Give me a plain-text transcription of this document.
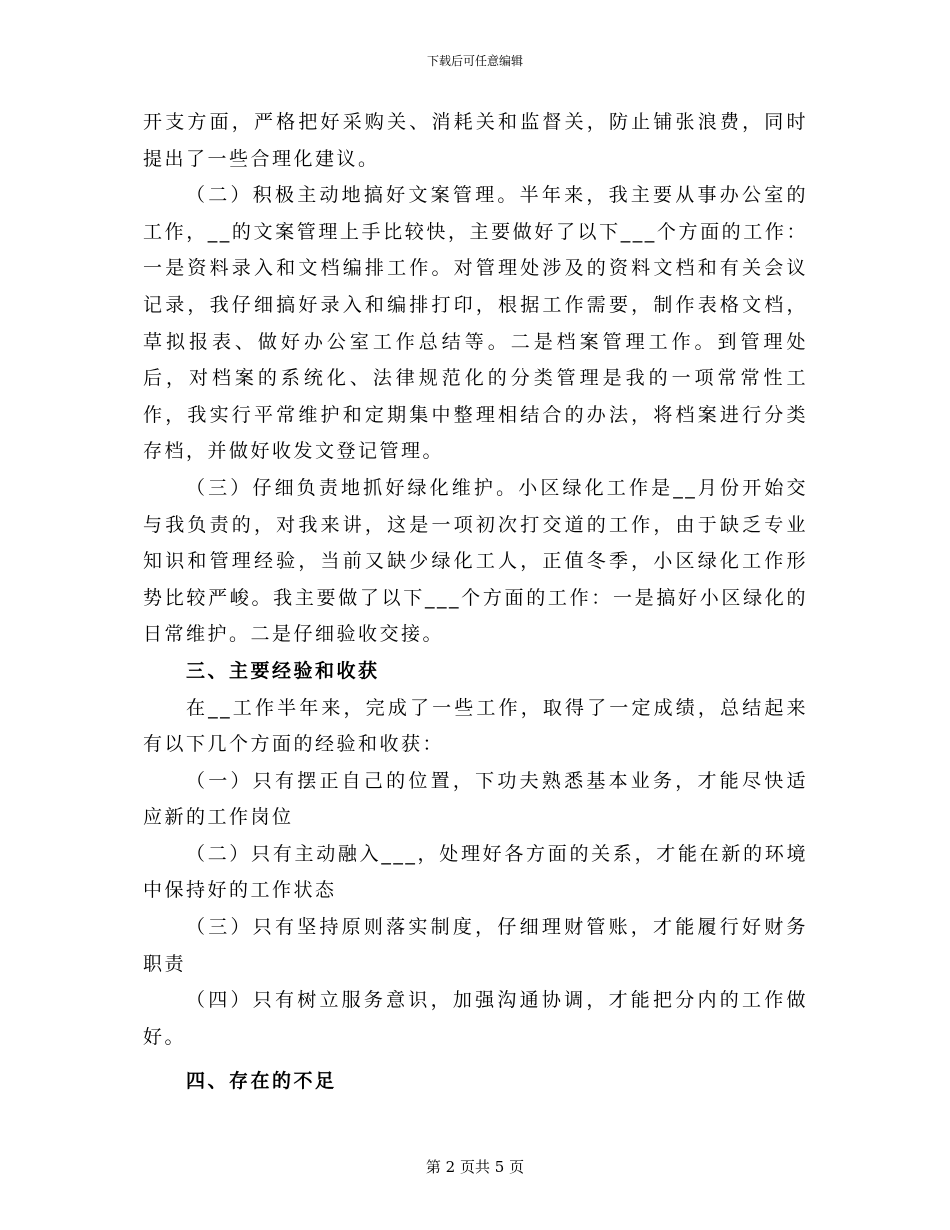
下载后可任意编辑

开支方面，严格把好采购关、消耗关和监督关，防止铺张浪费，同时提出了一些合理化建议。

（二）积极主动地搞好文案管理。半年来，我主要从事办公室的工作，__的文案管理上手比较快，主要做好了以下___个方面的工作：一是资料录入和文档编排工作。对管理处涉及的资料文档和有关会议记录，我仔细搞好录入和编排打印，根据工作需要，制作表格文档，草拟报表、做好办公室工作总结等。二是档案管理工作。到管理处后，对档案的系统化、法律规范化的分类管理是我的一项常常性工作，我实行平常维护和定期集中整理相结合的办法，将档案进行分类存档，并做好收发文登记管理。

（三）仔细负责地抓好绿化维护。小区绿化工作是__月份开始交与我负责的，对我来讲，这是一项初次打交道的工作，由于缺乏专业知识和管理经验，当前又缺少绿化工人，正值冬季，小区绿化工作形势比较严峻。我主要做了以下___个方面的工作：一是搞好小区绿化的日常维护。二是仔细验收交接。

三、主要经验和收获

在__工作半年来，完成了一些工作，取得了一定成绩，总结起来有以下几个方面的经验和收获：

（一）只有摆正自己的位置，下功夫熟悉基本业务，才能尽快适应新的工作岗位

（二）只有主动融入___，处理好各方面的关系，才能在新的环境中保持好的工作状态

（三）只有坚持原则落实制度，仔细理财管账，才能履行好财务职责

（四）只有树立服务意识，加强沟通协调，才能把分内的工作做好。

四、存在的不足

第 2 页共 5 页
